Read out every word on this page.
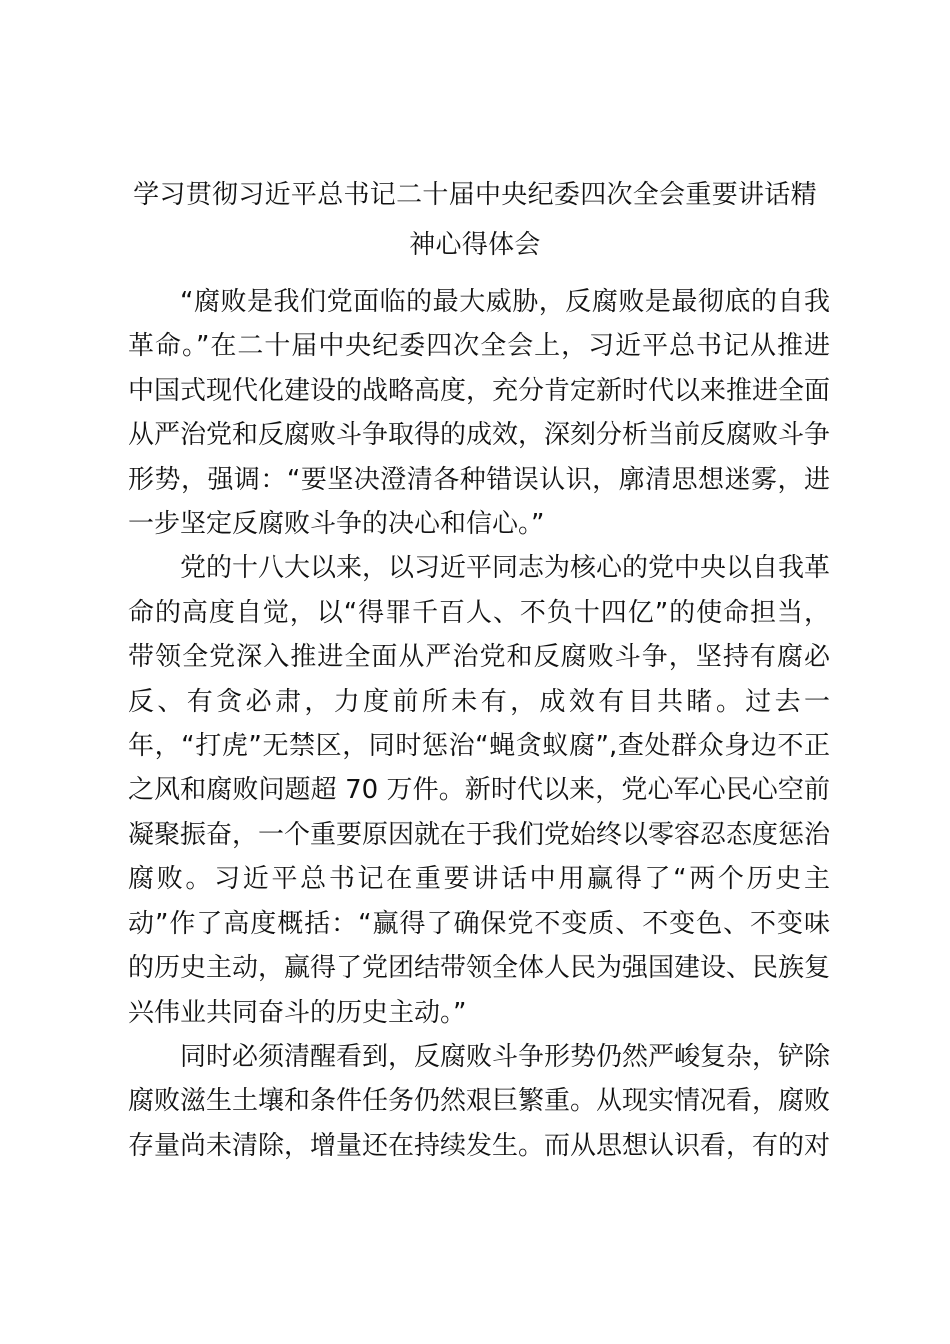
学习贯彻习近平总书记二十届中央纪委四次全会重要讲话精神心得体会

“腐败是我们党面临的最大威胁，反腐败是最彻底的自我革命。”在二十届中央纪委四次全会上，习近平总书记从推进中国式现代化建设的战略高度，充分肯定新时代以来推进全面从严治党和反腐败斗争取得的成效，深刻分析当前反腐败斗争形势，强调：“要坚决澄清各种错误认识，廓清思想迷雾，进一步坚定反腐败斗争的决心和信心。”

党的十八大以来，以习近平同志为核心的党中央以自我革命的高度自觉，以“得罪千百人、不负十四亿”的使命担当，带领全党深入推进全面从严治党和反腐败斗争，坚持有腐必反、有贪必肃，力度前所未有，成效有目共睹。过去一年，“打虎”无禁区，同时惩治“蝇贪蚁腐”,查处群众身边不正之风和腐败问题超 70 万件。新时代以来，党心军心民心空前凝聚振奋，一个重要原因就在于我们党始终以零容忍态度惩治腐败。习近平总书记在重要讲话中用赢得了“两个历史主动”作了高度概括：“赢得了确保党不变质、不变色、不变味的历史主动，赢得了党团结带领全体人民为强国建设、民族复兴伟业共同奋斗的历史主动。”

同时必须清醒看到，反腐败斗争形势仍然严峻复杂，铲除腐败滋生土壤和条件任务仍然艰巨繁重。从现实情况看，腐败存量尚未清除，增量还在持续发生。而从思想认识看，有的对
